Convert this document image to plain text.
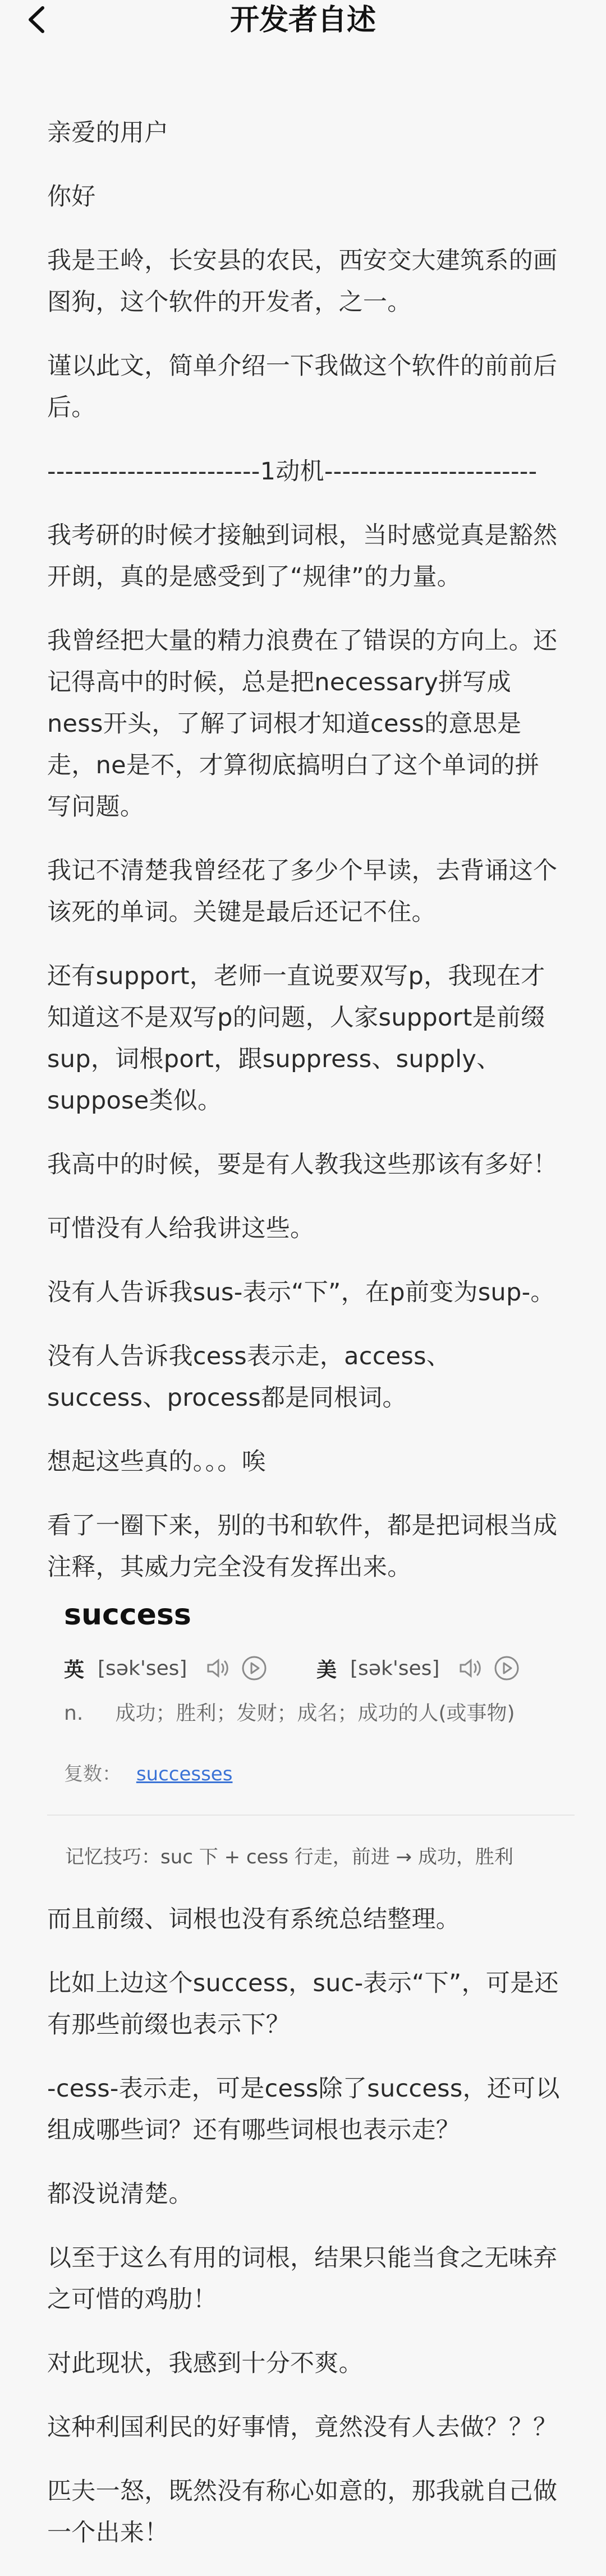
开发者自述

亲爱的用户

你好

我是王岭，长安县的农民，西安交大建筑系的画图狗，这个软件的开发者，之一。

谨以此文，简单介绍一下我做这个软件的前前后后。

------------------------1动机------------------------

我考研的时候才接触到词根，当时感觉真是豁然开朗，真的是感受到了“规律”的力量。

我曾经把大量的精力浪费在了错误的方向上。还记得高中的时候，总是把necessary拼写成ness开头，了解了词根才知道cess的意思是走，ne是不，才算彻底搞明白了这个单词的拼写问题。

我记不清楚我曾经花了多少个早读，去背诵这个该死的单词。关键是最后还记不住。

还有support，老师一直说要双写p，我现在才知道这不是双写p的问题，人家support是前缀sup，词根port，跟suppress、supply、suppose类似。

我高中的时候，要是有人教我这些那该有多好！

可惜没有人给我讲这些。

没有人告诉我sus-表示“下”，在p前变为sup-。

没有人告诉我cess表示走，access、success、process都是同根词。

想起这些真的。。。唉

看了一圈下来，别的书和软件，都是把词根当成注释，其威力完全没有发挥出来。

success
英 [sək'ses]	美 [sək'ses]
n. 成功；胜利；发财；成名；成功的人(或事物)
复数： successes
记忆技巧：suc 下 + cess 行走，前进 → 成功，胜利

而且前缀、词根也没有系统总结整理。

比如上边这个success，suc-表示“下”，可是还有那些前缀也表示下？

-cess-表示走，可是cess除了success，还可以组成哪些词？还有哪些词根也表示走？

都没说清楚。

以至于这么有用的词根，结果只能当食之无味弃之可惜的鸡肋！

对此现状，我感到十分不爽。

这种利国利民的好事情，竟然没有人去做？？？

匹夫一怒，既然没有称心如意的，那我就自己做一个出来！
